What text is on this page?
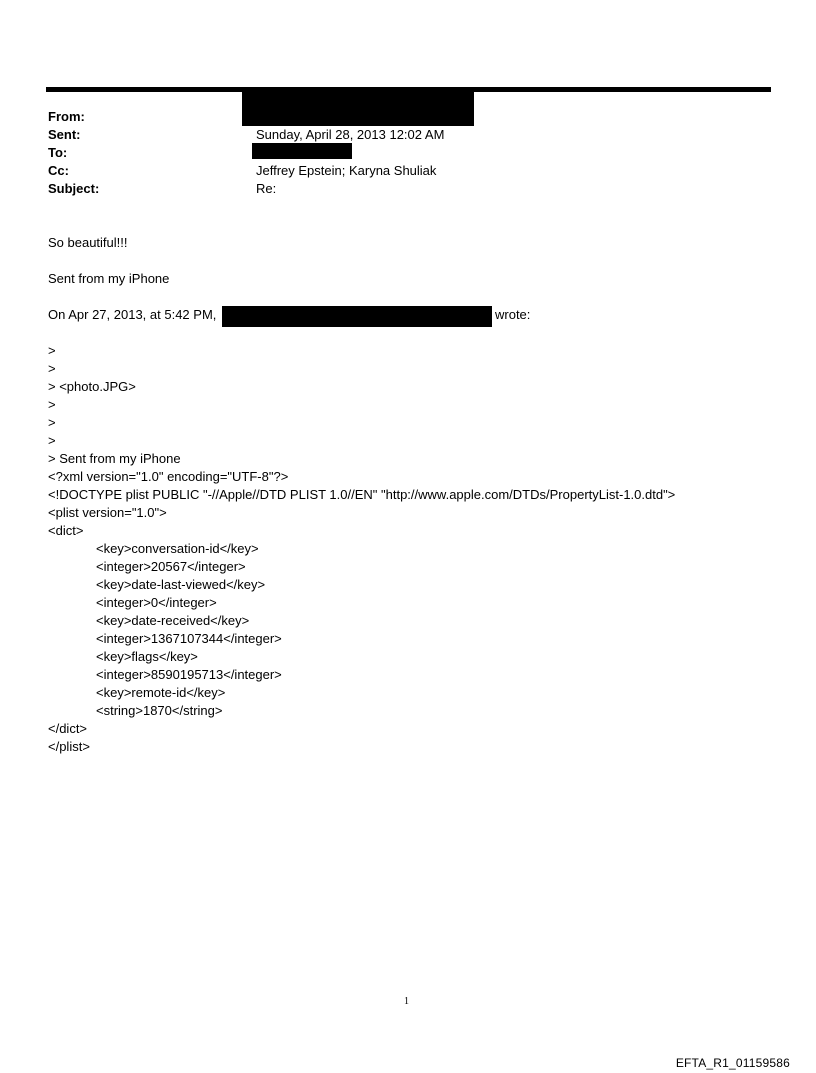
From:
Sent:
To:
Cc:
Subject:
Sunday, April 28, 2013 12:02 AM
Jeffrey Epstein; Karyna Shuliak
Re:
So beautiful!!!
Sent from my iPhone
On Apr 27, 2013, at 5:42 PM,	wrote:
>
>
> <photo.JPG>
>
>
>
> Sent from my iPhone
<?xml version="1.0" encoding="UTF-8"?>
<!DOCTYPE plist PUBLIC "-//Apple//DTD PLIST 1.0//EN" "http://www.apple.com/DTDs/PropertyList-1.0.dtd">
<plist version="1.0">
<dict>
<key>conversation-id</key>
<integer>20567</integer>
<key>date-last-viewed</key>
<integer>0</integer>
<key>date-received</key>
<integer>1367107344</integer>
<key>flags</key>
<integer>8590195713</integer>
<key>remote-id</key>
<string>1870</string>
</dict>
</plist>
1
EFTA_R1_01159586
